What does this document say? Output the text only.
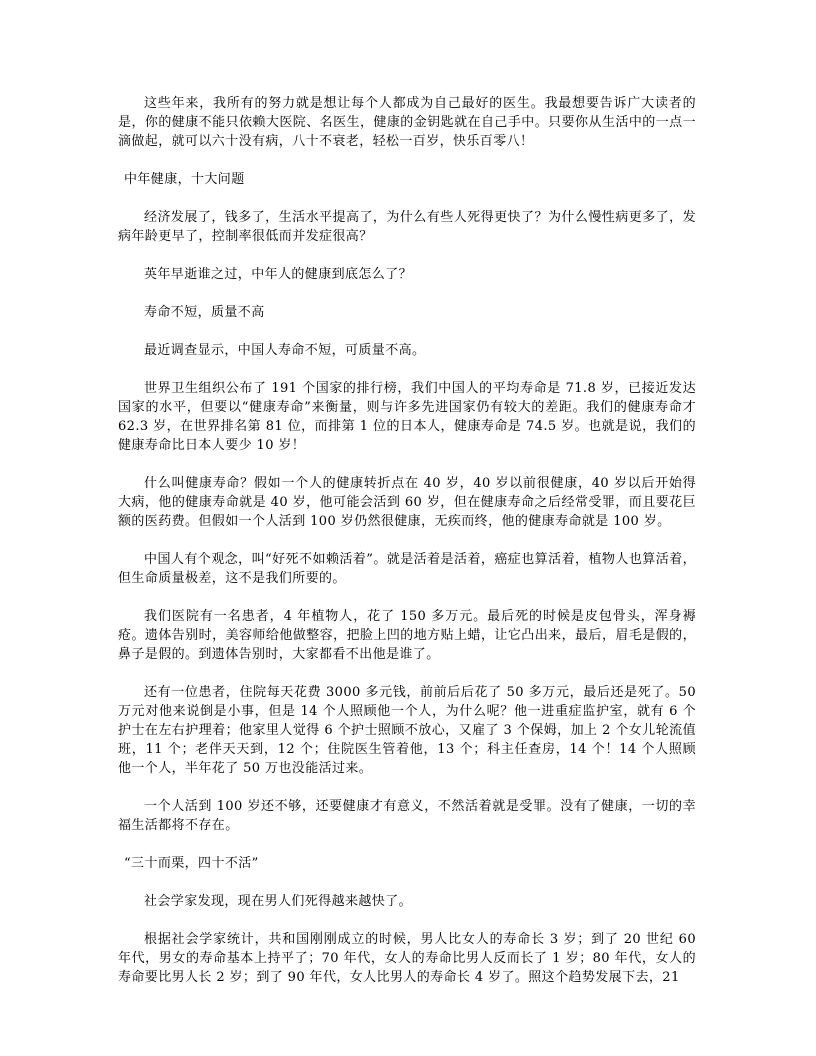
这些年来，我所有的努力就是想让每个人都成为自己最好的医生。我最想要告诉广大读者的是，你的健康不能只依赖大医院、名医生，健康的金钥匙就在自己手中。只要你从生活中的一点一滴做起，就可以六十没有病，八十不衰老，轻松一百岁，快乐百零八！

中年健康，十大问题

经济发展了，钱多了，生活水平提高了，为什么有些人死得更快了？为什么慢性病更多了，发病年龄更早了，控制率很低而并发症很高？

英年早逝谁之过，中年人的健康到底怎么了？

寿命不短，质量不高

最近调查显示，中国人寿命不短，可质量不高。

世界卫生组织公布了 191 个国家的排行榜，我们中国人的平均寿命是 71.8 岁，已接近发达国家的水平，但要以“健康寿命”来衡量，则与许多先进国家仍有较大的差距。我们的健康寿命才 62.3 岁，在世界排名第 81 位，而排第 1 位的日本人，健康寿命是 74.5 岁。也就是说，我们的健康寿命比日本人要少 10 岁！

什么叫健康寿命？假如一个人的健康转折点在 40 岁，40 岁以前很健康，40 岁以后开始得大病，他的健康寿命就是 40 岁，他可能会活到 60 岁，但在健康寿命之后经常受罪，而且要花巨额的医药费。但假如一个人活到 100 岁仍然很健康，无疾而终，他的健康寿命就是 100 岁。

中国人有个观念，叫“好死不如赖活着”。就是活着是活着，癌症也算活着，植物人也算活着，但生命质量极差，这不是我们所要的。

我们医院有一名患者，4 年植物人，花了 150 多万元。最后死的时候是皮包骨头，浑身褥疮。遗体告别时，美容师给他做整容，把脸上凹的地方贴上蜡，让它凸出来，最后，眉毛是假的，鼻子是假的。到遗体告别时，大家都看不出他是谁了。

还有一位患者，住院每天花费 3000 多元钱，前前后后花了 50 多万元，最后还是死了。50 万元对他来说倒是小事，但是 14 个人照顾他一个人，为什么呢？他一进重症监护室，就有 6 个护士在左右护理着；他家里人觉得 6 个护士照顾不放心，又雇了 3 个保姆，加上 2 个女儿轮流值班，11 个；老伴天天到，12 个；住院医生管着他，13 个；科主任查房，14 个！14 个人照顾他一个人，半年花了 50 万也没能活过来。

一个人活到 100 岁还不够，还要健康才有意义，不然活着就是受罪。没有了健康，一切的幸福生活都将不存在。

“三十而栗，四十不活”

社会学家发现，现在男人们死得越来越快了。

根据社会学家统计，共和国刚刚成立的时候，男人比女人的寿命长 3 岁；到了 20 世纪 60 年代，男女的寿命基本上持平了；70 年代，女人的寿命比男人反而长了 1 岁；80 年代，女人的寿命要比男人长 2 岁；到了 90 年代，女人比男人的寿命长 4 岁了。照这个趋势发展下去，21
